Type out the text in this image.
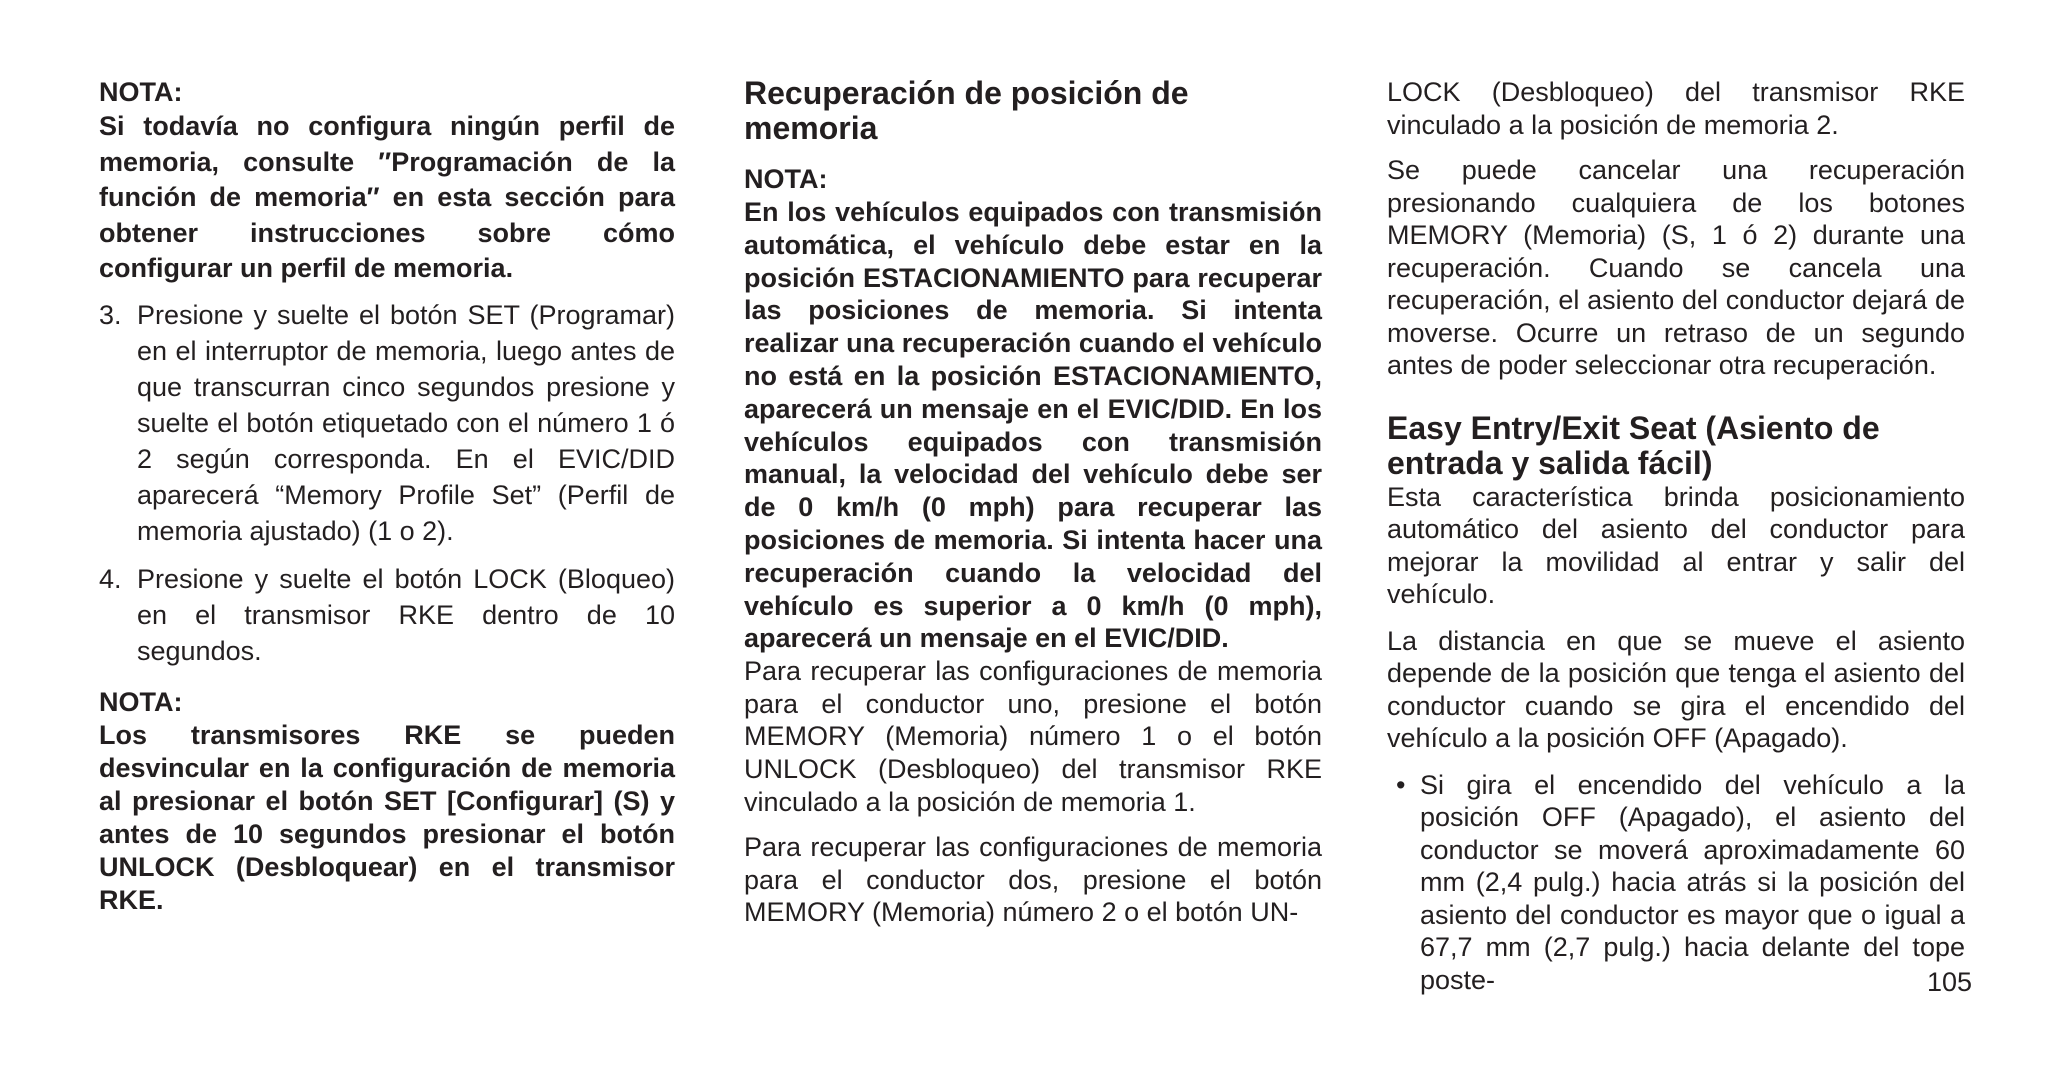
NOTA:

Si todavía no configura ningún perfil de memoria, consulte ″Programación de la función de memoria″ en esta sección para obtener instrucciones sobre cómo configurar un perfil de memoria.

3. Presione y suelte el botón SET (Programar) en el interruptor de memoria, luego antes de que transcurran cinco segundos presione y suelte el botón etiquetado con el número 1 ó 2 según corresponda. En el EVIC/DID aparecerá “Memory Profile Set” (Perfil de memoria ajustado) (1 o 2).

4. Presione y suelte el botón LOCK (Bloqueo) en el transmisor RKE dentro de 10 segundos.

NOTA:

Los transmisores RKE se pueden desvincular en la configuración de memoria al presionar el botón SET [Configurar] (S) y antes de 10 segundos presionar el botón UNLOCK (Desbloquear) en el transmisor RKE.

Recuperación de posición de memoria

NOTA:

En los vehículos equipados con transmisión automática, el vehículo debe estar en la posición ESTACIONAMIENTO para recuperar las posiciones de memoria. Si intenta realizar una recuperación cuando el vehículo no está en la posición ESTACIONAMIENTO, aparecerá un mensaje en el EVIC/DID. En los vehículos equipados con transmisión manual, la velocidad del vehículo debe ser de 0 km/h (0 mph) para recuperar las posiciones de memoria. Si intenta hacer una recuperación cuando la velocidad del vehículo es superior a 0 km/h (0 mph), aparecerá un mensaje en el EVIC/DID.

Para recuperar las configuraciones de memoria para el conductor uno, presione el botón MEMORY (Memoria) número 1 o el botón UNLOCK (Desbloqueo) del transmisor RKE vinculado a la posición de memoria 1.

Para recuperar las configuraciones de memoria para el conductor dos, presione el botón MEMORY (Memoria) número 2 o el botón UN-

LOCK (Desbloqueo) del transmisor RKE vinculado a la posición de memoria 2.

Se puede cancelar una recuperación presionando cualquiera de los botones MEMORY (Memoria) (S, 1 ó 2) durante una recuperación. Cuando se cancela una recuperación, el asiento del conductor dejará de moverse. Ocurre un retraso de un segundo antes de poder seleccionar otra recuperación.

Easy Entry/Exit Seat (Asiento de entrada y salida fácil)

Esta característica brinda posicionamiento automático del asiento del conductor para mejorar la movilidad al entrar y salir del vehículo.

La distancia en que se mueve el asiento depende de la posición que tenga el asiento del conductor cuando se gira el encendido del vehículo a la posición OFF (Apagado).

• Si gira el encendido del vehículo a la posición OFF (Apagado), el asiento del conductor se moverá aproximadamente 60 mm (2,4 pulg.) hacia atrás si la posición del asiento del conductor es mayor que o igual a 67,7 mm (2,7 pulg.) hacia delante del tope poste-	105
